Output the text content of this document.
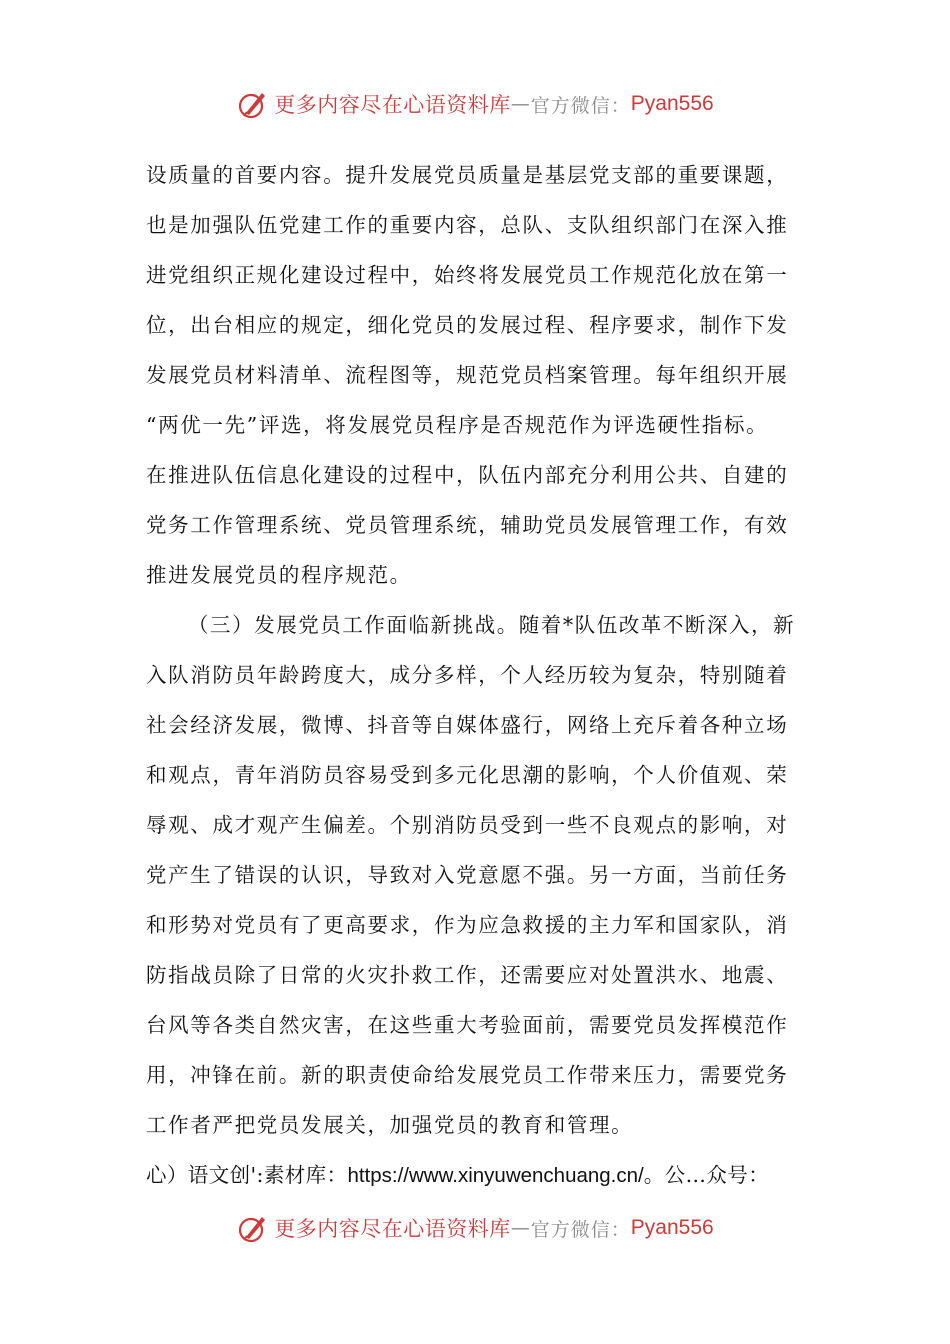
更多内容尽在心语资料库 — 官方微信： Pyan556
设质量的首要内容。提升发展党员质量是基层党支部的重要课题，
也是加强队伍党建工作的重要内容，总队、支队组织部门在深入推
进党组织正规化建设过程中，始终将发展党员工作规范化放在第一
位，出台相应的规定，细化党员的发展过程、程序要求，制作下发
发展党员材料清单、流程图等，规范党员档案管理。每年组织开展
“两优一先”评选，将发展党员程序是否规范作为评选硬性指标。
在推进队伍信息化建设的过程中，队伍内部充分利用公共、自建的
党务工作管理系统、党员管理系统，辅助党员发展管理工作，有效
推进发展党员的程序规范。
（三）发展党员工作面临新挑战。随着*队伍改革不断深入，新
入队消防员年龄跨度大，成分多样，个人经历较为复杂，特别随着
社会经济发展，微博、抖音等自媒体盛行，网络上充斥着各种立场
和观点，青年消防员容易受到多元化思潮的影响，个人价值观、荣
辱观、成才观产生偏差。个别消防员受到一些不良观点的影响，对
党产生了错误的认识，导致对入党意愿不强。另一方面，当前任务
和形势对党员有了更高要求，作为应急救援的主力军和国家队，消
防指战员除了日常的火灾扑救工作，还需要应对处置洪水、地震、
台风等各类自然灾害，在这些重大考验面前，需要党员发挥模范作
用，冲锋在前。新的职责使命给发展党员工作带来压力，需要党务
工作者严把党员发展关，加强党员的教育和管理。
心）语文创':素材库：https://www.xinyuwenchuang.cn/。公…众号：
更多内容尽在心语资料库 — 官方微信： Pyan556
